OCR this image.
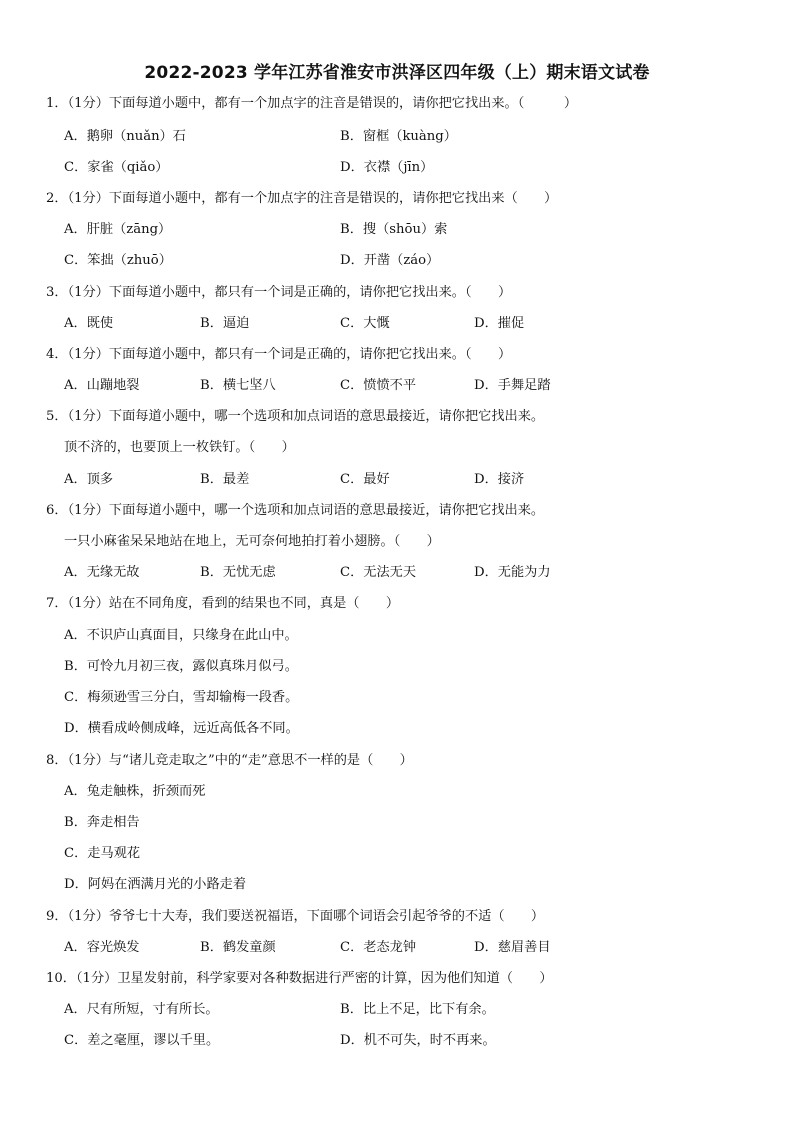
2022-2023 学年江苏省淮安市洪泽区四年级（上）期末语文试卷
1．（1分）下面每道小题中，都有一个加点字的注音是错误的，请你把它找出来。（　　　）
A．鹅卵（nuǎn）石	B．窗框（kuàng）
C．家雀（qiǎo）	D．衣襟（jīn）
2．（1分）下面每道小题中，都有一个加点字的注音是错误的，请你把它找出来（　　）
A．肝脏（zāng）	B．搜（shōu）索
C．笨拙（zhuō）	D．开凿（záo）
3．（1分）下面每道小题中，都只有一个词是正确的，请你把它找出来。（　　）
A．既使	B．逼迫	C．大慨	D．摧促
4．（1分）下面每道小题中，都只有一个词是正确的，请你把它找出来。（　　）
A．山蹦地裂	B．横七坚八	C．愤愤不平	D．手舞足踏
5．（1分）下面每道小题中，哪一个选项和加点词语的意思最接近，请你把它找出来。
顶不济的，也要顶上一枚铁钉。（　　）
A．顶多	B．最差	C．最好	D．接济
6．（1分）下面每道小题中，哪一个选项和加点词语的意思最接近，请你把它找出来。
一只小麻雀呆呆地站在地上，无可奈何地拍打着小翅膀。（　　）
A．无缘无故	B．无忧无虑	C．无法无天	D．无能为力
7．（1分）站在不同角度，看到的结果也不同，真是（　　）
A．不识庐山真面目，只缘身在此山中。
B．可怜九月初三夜，露似真珠月似弓。
C．梅须逊雪三分白，雪却输梅一段香。
D．横看成岭侧成峰，远近高低各不同。
8．（1分）与“诸儿竞走取之”中的“走”意思不一样的是（　　）
A．兔走触株，折颈而死
B．奔走相告
C．走马观花
D．阿妈在洒满月光的小路走着
9．（1分）爷爷七十大寿，我们要送祝福语，下面哪个词语会引起爷爷的不适（　　）
A．容光焕发	B．鹤发童颜	C．老态龙钟	D．慈眉善目
10．（1分）卫星发射前，科学家要对各种数据进行严密的计算，因为他们知道（　　）
A．尺有所短，寸有所长。	B．比上不足，比下有余。
C．差之毫厘，谬以千里。	D．机不可失，时不再来。
